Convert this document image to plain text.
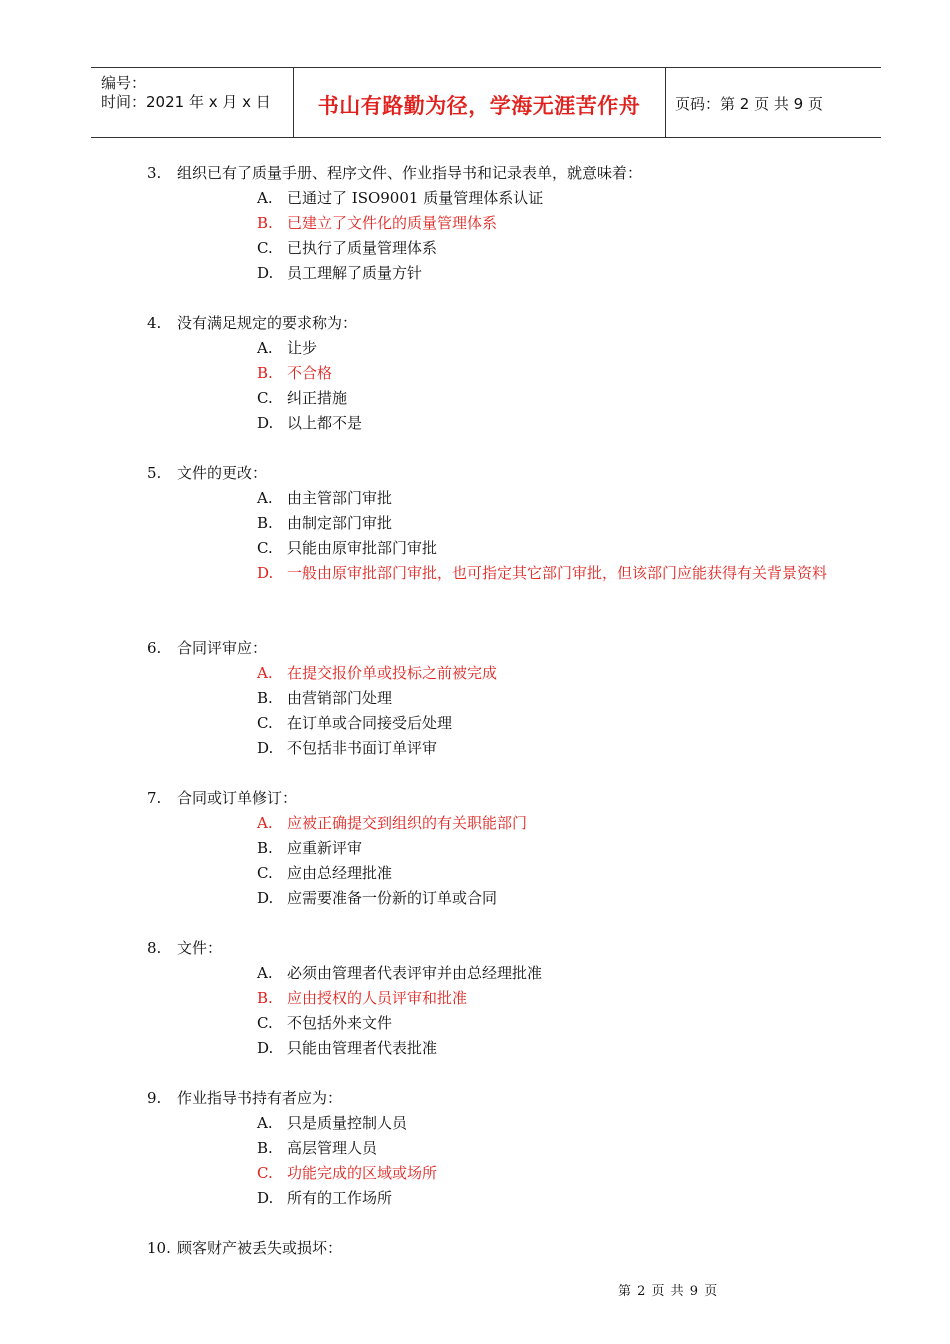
编号：
时间：2021 年 x 月 x 日	书山有路勤为径，学海无涯苦作舟	页码：第 2 页 共 9 页
3. 组织已有了质量手册、程序文件、作业指导书和记录表单，就意味着：
A. 已通过了 ISO9001 质量管理体系认证
B. 已建立了文件化的质量管理体系
C. 已执行了质量管理体系
D. 员工理解了质量方针
4. 没有满足规定的要求称为：
A. 让步
B. 不合格
C. 纠正措施
D. 以上都不是
5. 文件的更改：
A. 由主管部门审批
B. 由制定部门审批
C. 只能由原审批部门审批
D. 一般由原审批部门审批，也可指定其它部门审批，但该部门应能获得有关背景资料
6. 合同评审应：
A. 在提交报价单或投标之前被完成
B. 由营销部门处理
C. 在订单或合同接受后处理
D. 不包括非书面订单评审
7. 合同或订单修订：
A. 应被正确提交到组织的有关职能部门
B. 应重新评审
C. 应由总经理批准
D. 应需要准备一份新的订单或合同
8. 文件：
A. 必须由管理者代表评审并由总经理批准
B. 应由授权的人员评审和批准
C. 不包括外来文件
D. 只能由管理者代表批准
9. 作业指导书持有者应为：
A. 只是质量控制人员
B. 高层管理人员
C. 功能完成的区域或场所
D. 所有的工作场所
10. 顾客财产被丢失或损坏：
第 2 页 共 9 页
